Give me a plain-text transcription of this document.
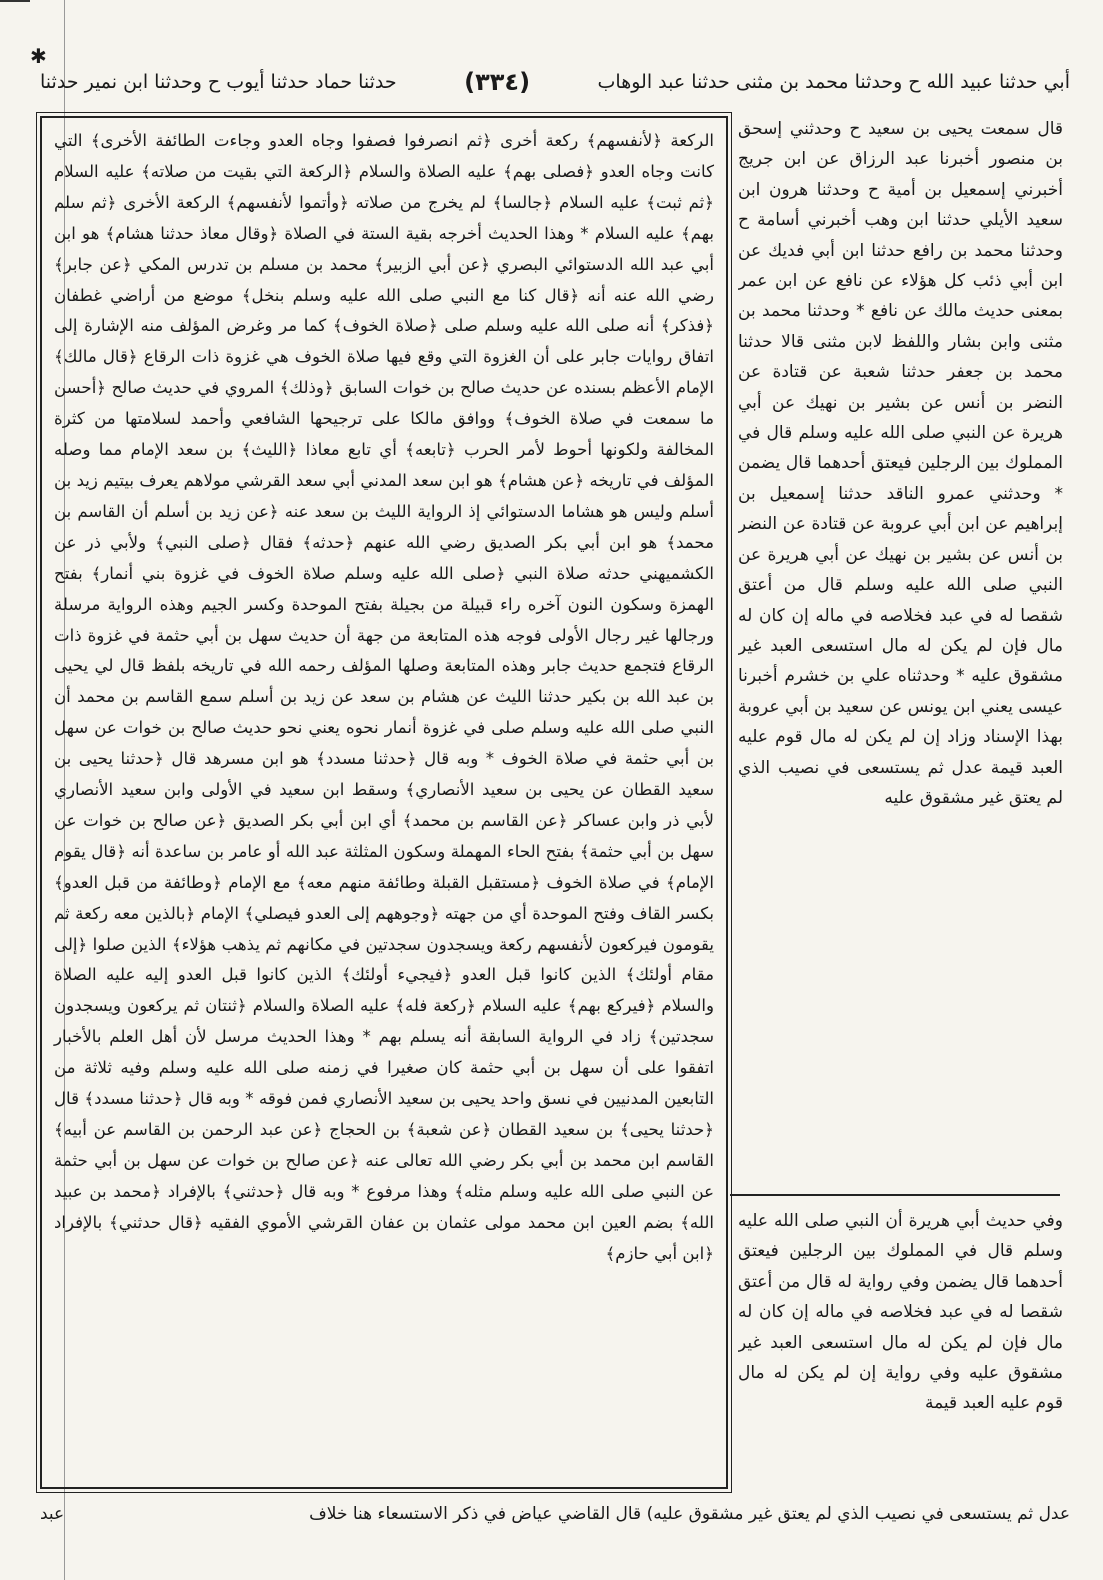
✱
أبي حدثنا عبيد الله ح وحدثنا محمد بن مثنى حدثنا عبد الوهاب
(٣٣٤)
حدثنا حماد حدثنا أيوب ح وحدثنا ابن نمير حدثنا

قال سمعت يحيى بن سعيد ح وحدثني إسحق بن منصور أخبرنا عبد الرزاق عن ابن جريج أخبرني إسمعيل بن أمية ح وحدثنا هرون ابن سعيد الأيلي حدثنا ابن وهب أخبرني أسامة ح وحدثنا محمد بن رافع حدثنا ابن أبي فديك عن ابن أبي ذئب كل هؤلاء عن نافع عن ابن عمر بمعنى حديث مالك عن نافع * وحدثنا محمد بن مثنى وابن بشار واللفظ لابن مثنى قالا حدثنا محمد بن جعفر حدثنا شعبة عن قتادة عن النضر بن أنس عن بشير بن نهيك عن أبي هريرة عن النبي صلى الله عليه وسلم قال في المملوك بين الرجلين فيعتق أحدهما قال يضمن * وحدثني عمرو الناقد حدثنا إسمعيل بن إبراهيم عن ابن أبي عروبة عن قتادة عن النضر بن أنس عن بشير بن نهيك عن أبي هريرة عن النبي صلى الله عليه وسلم قال من أعتق شقصا له في عبد فخلاصه في ماله إن كان له مال فإن لم يكن له مال استسعى العبد غير مشقوق عليه * وحدثناه علي بن خشرم أخبرنا عيسى يعني ابن يونس عن سعيد بن أبي عروبة بهذا الإسناد وزاد إن لم يكن له مال قوم عليه العبد قيمة عدل ثم يستسعى في نصيب الذي لم يعتق غير مشقوق عليه

وفي حديث أبي هريرة أن النبي صلى الله عليه وسلم قال في المملوك بين الرجلين فيعتق أحدهما قال يضمن وفي رواية له قال من أعتق شقصا له في عبد فخلاصه في ماله إن كان له مال فإن لم يكن له مال استسعى العبد غير مشقوق عليه وفي رواية إن لم يكن له مال قوم عليه العبد قيمة

الركعة ﴿لأنفسهم﴾ ركعة أخرى ﴿ثم انصرفوا فصفوا وجاه العدو وجاءت الطائفة الأخرى﴾ التي كانت وجاه العدو ﴿فصلى بهم﴾ عليه الصلاة والسلام ﴿الركعة التي بقيت من صلاته﴾ عليه السلام ﴿ثم ثبت﴾ عليه السلام ﴿جالسا﴾ لم يخرج من صلاته ﴿وأتموا لأنفسهم﴾ الركعة الأخرى ﴿ثم سلم بهم﴾ عليه السلام * وهذا الحديث أخرجه بقية الستة في الصلاة ﴿وقال معاذ حدثنا هشام﴾ هو ابن أبي عبد الله الدستوائي البصري ﴿عن أبي الزبير﴾ محمد بن مسلم بن تدرس المكي ﴿عن جابر﴾ رضي الله عنه أنه ﴿قال كنا مع النبي صلى الله عليه وسلم بنخل﴾ موضع من أراضي غطفان ﴿فذكر﴾ أنه صلى الله عليه وسلم صلى ﴿صلاة الخوف﴾ كما مر وغرض المؤلف منه الإشارة إلى اتفاق روايات جابر على أن الغزوة التي وقع فيها صلاة الخوف هي غزوة ذات الرقاع ﴿قال مالك﴾ الإمام الأعظم بسنده عن حديث صالح بن خوات السابق ﴿وذلك﴾ المروي في حديث صالح ﴿أحسن ما سمعت في صلاة الخوف﴾ ووافق مالكا على ترجيحها الشافعي وأحمد لسلامتها من كثرة المخالفة ولكونها أحوط لأمر الحرب ﴿تابعه﴾ أي تابع معاذا ﴿الليث﴾ بن سعد الإمام مما وصله المؤلف في تاريخه ﴿عن هشام﴾ هو ابن سعد المدني أبي سعد القرشي مولاهم يعرف بيتيم زيد بن أسلم وليس هو هشاما الدستوائي إذ الرواية الليث بن سعد عنه ﴿عن زيد بن أسلم أن القاسم بن محمد﴾ هو ابن أبي بكر الصديق رضي الله عنهم ﴿حدثه﴾ فقال ﴿صلى النبي﴾ ولأبي ذر عن الكشميهني حدثه صلاة النبي ﴿صلى الله عليه وسلم صلاة الخوف في غزوة بني أنمار﴾ بفتح الهمزة وسكون النون آخره راء قبيلة من بجيلة بفتح الموحدة وكسر الجيم وهذه الرواية مرسلة ورجالها غير رجال الأولى فوجه هذه المتابعة من جهة أن حديث سهل بن أبي حثمة في غزوة ذات الرقاع فتجمع حديث جابر وهذه المتابعة وصلها المؤلف رحمه الله في تاريخه بلفظ قال لي يحيى بن عبد الله بن بكير حدثنا الليث عن هشام بن سعد عن زيد بن أسلم سمع القاسم بن محمد أن النبي صلى الله عليه وسلم صلى في غزوة أنمار نحوه يعني نحو حديث صالح بن خوات عن سهل بن أبي حثمة في صلاة الخوف * وبه قال ﴿حدثنا مسدد﴾ هو ابن مسرهد قال ﴿حدثنا يحيى بن سعيد القطان عن يحيى بن سعيد الأنصاري﴾ وسقط ابن سعيد في الأولى وابن سعيد الأنصاري لأبي ذر وابن عساكر ﴿عن القاسم بن محمد﴾ أي ابن أبي بكر الصديق ﴿عن صالح بن خوات عن سهل بن أبي حثمة﴾ بفتح الحاء المهملة وسكون المثلثة عبد الله أو عامر بن ساعدة أنه ﴿قال يقوم الإمام﴾ في صلاة الخوف ﴿مستقبل القبلة وطائفة منهم معه﴾ مع الإمام ﴿وطائفة من قبل العدو﴾ بكسر القاف وفتح الموحدة أي من جهته ﴿وجوههم إلى العدو فيصلي﴾ الإمام ﴿بالذين معه ركعة ثم يقومون فيركعون لأنفسهم ركعة ويسجدون سجدتين في مكانهم ثم يذهب هؤلاء﴾ الذين صلوا ﴿إلى مقام أولئك﴾ الذين كانوا قبل العدو ﴿فيجيء أولئك﴾ الذين كانوا قبل العدو إليه عليه الصلاة والسلام ﴿فيركع بهم﴾ عليه السلام ﴿ركعة فله﴾ عليه الصلاة والسلام ﴿ثنتان ثم يركعون ويسجدون سجدتين﴾ زاد في الرواية السابقة أنه يسلم بهم * وهذا الحديث مرسل لأن أهل العلم بالأخبار اتفقوا على أن سهل بن أبي حثمة كان صغيرا في زمنه صلى الله عليه وسلم وفيه ثلاثة من التابعين المدنيين في نسق واحد يحيى بن سعيد الأنصاري فمن فوقه * وبه قال ﴿حدثنا مسدد﴾ قال ﴿حدثنا يحيى﴾ بن سعيد القطان ﴿عن شعبة﴾ بن الحجاج ﴿عن عبد الرحمن بن القاسم عن أبيه﴾ القاسم ابن محمد بن أبي بكر رضي الله تعالى عنه ﴿عن صالح بن خوات عن سهل بن أبي حثمة عن النبي صلى الله عليه وسلم مثله﴾ وهذا مرفوع * وبه قال ﴿حدثني﴾ بالإفراد ﴿محمد بن عبيد الله﴾ بضم العين ابن محمد مولى عثمان بن عفان القرشي الأموي الفقيه ﴿قال حدثني﴾ بالإفراد ﴿ابن أبي حازم﴾

عدل ثم يستسعى في نصيب الذي لم يعتق غير مشقوق عليه) قال القاضي عياض في ذكر الاستسعاء هنا خلاف
عبد
